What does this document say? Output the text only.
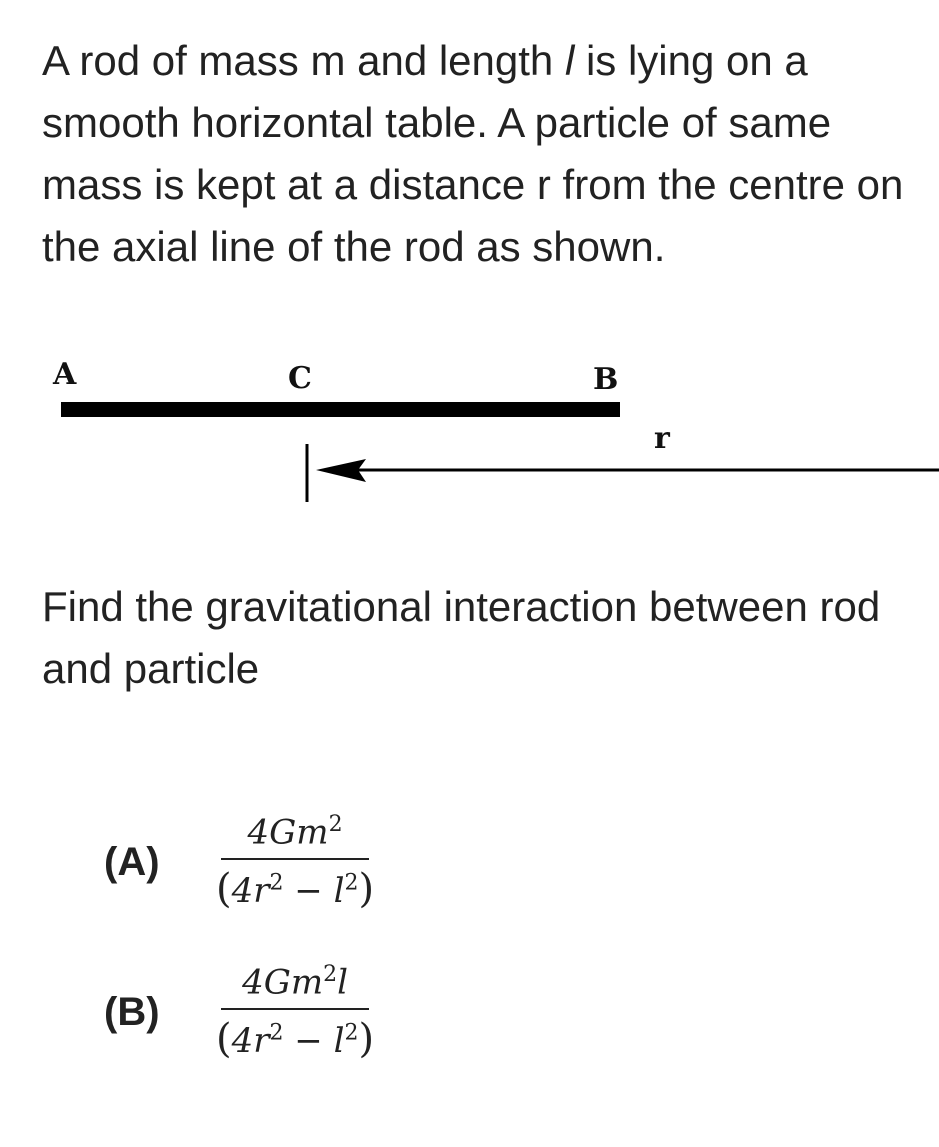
A rod of mass m and length l is lying on a smooth horizontal table. A particle of same mass is kept at a distance r from the centre on the axial line of the rod as shown.

A	C	B
r

Find the gravitational interaction between rod and particle

(A)	$\frac{4Gm^2}{(4r^2 - l^2)}$
(B)	$\frac{4Gm^2l}{(4r^2 - l^2)}$
